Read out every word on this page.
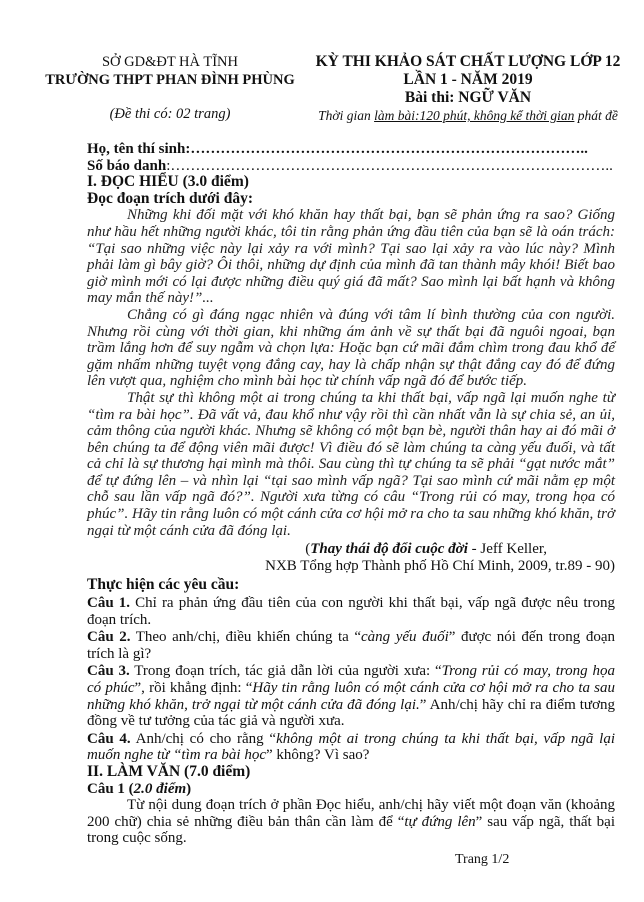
SỞ GD&ĐT HÀ TĨNH
TRƯỜNG THPT PHAN ĐÌNH PHÙNG
(Đề thi có: 02 trang)
KỲ THI KHẢO SÁT CHẤT LƯỢNG LỚP 12
LẦN 1 - NĂM 2019
Bài thi: NGỮ VĂN
Thời gian làm bài:120 phút, không kể thời gian phát đề

Họ, tên thí sinh:……………………………………………………………………..

Số báo danh:……………………………………………………………………………..

I. ĐỌC HIỂU (3.0 điểm)

Đọc đoạn trích dưới đây:

Những khi đối mặt với khó khăn hay thất bại, bạn sẽ phản ứng ra sao? Giống như hầu hết những người khác, tôi tin rằng phản ứng đầu tiên của bạn sẽ là oán trách: “Tại sao những việc này lại xảy ra với mình? Tại sao lại xảy ra vào lúc này? Mình phải làm gì bây giờ? Ôi thôi, những dự định của mình đã tan thành mây khói! Biết bao giờ mình mới có lại được những điều quý giá đã mất? Sao mình lại bất hạnh và không may mắn thế này!”...

Chẳng có gì đáng ngạc nhiên và đúng với tâm lí bình thường của con người. Nhưng rồi cùng với thời gian, khi những ám ảnh về sự thất bại đã nguôi ngoai, bạn trầm lắng hơn để suy ngẫm và chọn lựa: Hoặc bạn cứ mãi đắm chìm trong đau khổ để gặm nhấm những tuyệt vọng đắng cay, hay là chấp nhận sự thật đắng cay đó để đứng lên vượt qua, nghiệm cho mình bài học từ chính vấp ngã đó để bước tiếp.

Thật sự thì không một ai trong chúng ta khi thất bại, vấp ngã lại muốn nghe từ “tìm ra bài học”. Đã vất vả, đau khổ như vậy rồi thì cần nhất vẫn là sự chia sẻ, an ủi, cảm thông của người khác. Nhưng sẽ không có một bạn bè, người thân hay ai đó mãi ở bên chúng ta để động viên mãi được! Vì điều đó sẽ làm chúng ta càng yếu đuối, và tất cả chỉ là sự thương hại mình mà thôi. Sau cùng thì tự chúng ta sẽ phải “gạt nước mắt” để tự đứng lên – và nhìn lại “tại sao mình vấp ngã? Tại sao mình cứ mãi nằm ẹp một chỗ sau lần vấp ngã đó?”. Người xưa từng có câu “Trong rủi có may, trong họa có phúc”. Hãy tin rằng luôn có một cánh cửa cơ hội mở ra cho ta sau những khó khăn, trở ngại từ một cánh cửa đã đóng lại.

(Thay thái độ đổi cuộc đời - Jeff Keller,
NXB Tổng hợp Thành phố Hồ Chí Minh, 2009, tr.89 - 90)

Thực hiện các yêu cầu:

Câu 1. Chỉ ra phản ứng đầu tiên của con người khi thất bại, vấp ngã được nêu trong đoạn trích.

Câu 2. Theo anh/chị, điều khiến chúng ta “càng yếu đuối” được nói đến trong đoạn trích là gì?

Câu 3. Trong đoạn trích, tác giả dẫn lời của người xưa: “Trong rủi có may, trong họa có phúc”, rồi khẳng định: “Hãy tin rằng luôn có một cánh cửa cơ hội mở ra cho ta sau những khó khăn, trở ngại từ một cánh cửa đã đóng lại.” Anh/chị hãy chỉ ra điểm tương đồng về tư tưởng của tác giả và người xưa.

Câu 4. Anh/chị có cho rằng “không một ai trong chúng ta khi thất bại, vấp ngã lại muốn nghe từ “tìm ra bài học” không? Vì sao?

II. LÀM VĂN (7.0 điểm)

Câu 1 (2.0 điểm)

Từ nội dung đoạn trích ở phần Đọc hiểu, anh/chị hãy viết một đoạn văn (khoảng 200 chữ) chia sẻ những điều bản thân cần làm để “tự đứng lên” sau vấp ngã, thất bại trong cuộc sống.

Trang 1/2
